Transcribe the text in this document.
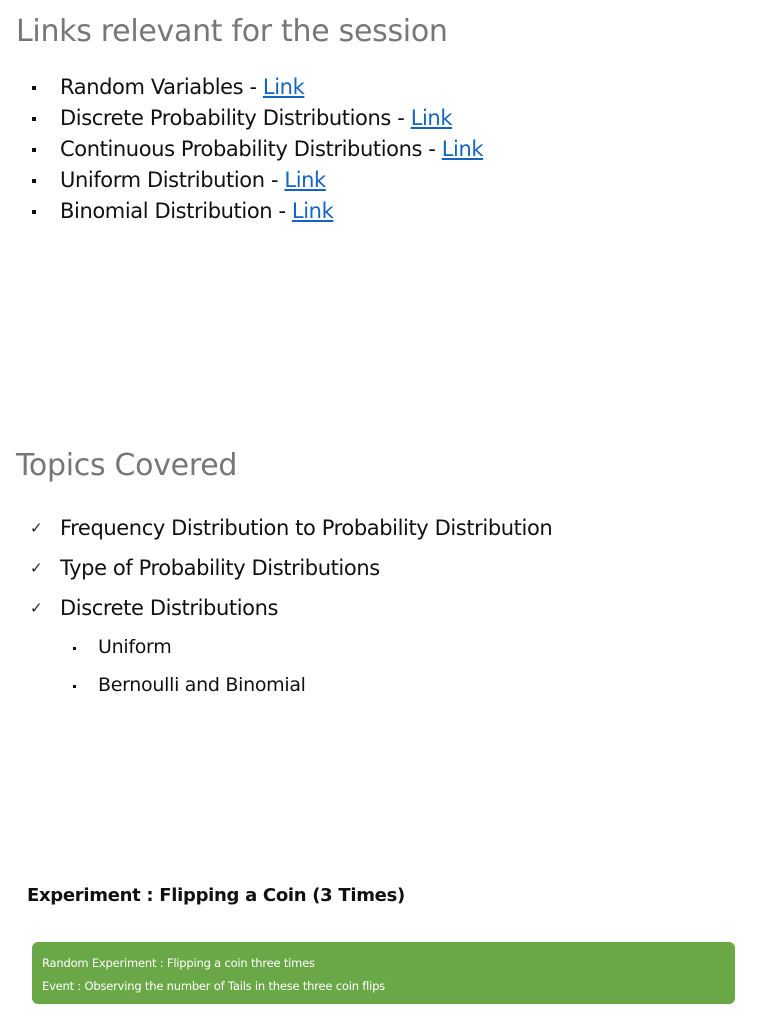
Links relevant for the session
Random Variables - Link
Discrete Probability Distributions - Link
Continuous Probability Distributions - Link
Uniform Distribution - Link
Binomial Distribution - Link
Topics Covered
✓ Frequency Distribution to Probability Distribution
✓ Type of Probability Distributions
✓ Discrete Distributions
Uniform
Bernoulli and Binomial
Experiment : Flipping a Coin (3 Times)
Random Experiment : Flipping a coin three times
Event : Observing the number of Tails in these three coin flips
